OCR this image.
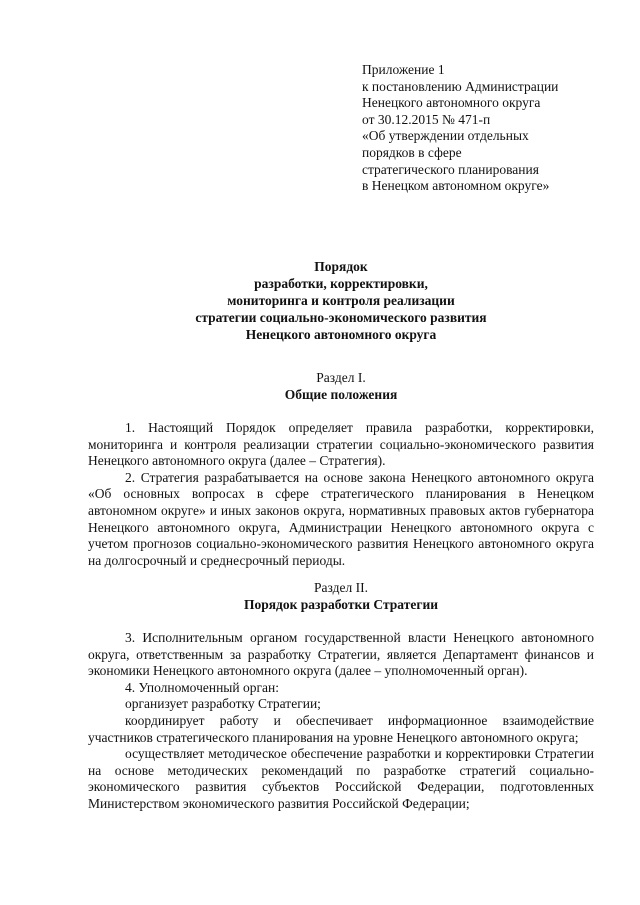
Приложение 1
к постановлению Администрации
Ненецкого автономного округа
от 30.12.2015 № 471-п
«Об утверждении отдельных
порядков в сфере
стратегического планирования
в Ненецком автономном округе»
Порядок
разработки, корректировки,
мониторинга и контроля реализации
стратегии социально-экономического развития
Ненецкого автономного округа
Раздел I.
Общие положения

1. Настоящий Порядок определяет правила разработки, корректировки, мониторинга и контроля реализации стратегии социально-экономического развития Ненецкого автономного округа (далее – Стратегия).

2. Стратегия разрабатывается на основе закона Ненецкого автономного округа «Об основных вопросах в сфере стратегического планирования в Ненецком автономном округе» и иных законов округа, нормативных правовых актов губернатора Ненецкого автономного округа, Администрации Ненецкого автономного округа с учетом прогнозов социально-экономического развития Ненецкого автономного округа на долгосрочный и среднесрочный периоды.

Раздел II.
Порядок разработки Стратегии

3. Исполнительным органом государственной власти Ненецкого автономного округа, ответственным за разработку Стратегии, является Департамент финансов и экономики Ненецкого автономного округа (далее – уполномоченный орган).

4. Уполномоченный орган:

организует разработку Стратегии;

координирует работу и обеспечивает информационное взаимодействие участников стратегического планирования на уровне Ненецкого автономного округа;

осуществляет методическое обеспечение разработки и корректировки Стратегии на основе методических рекомендаций по разработке стратегий социально-экономического развития субъектов Российской Федерации, подготовленных Министерством экономического развития Российской Федерации;
